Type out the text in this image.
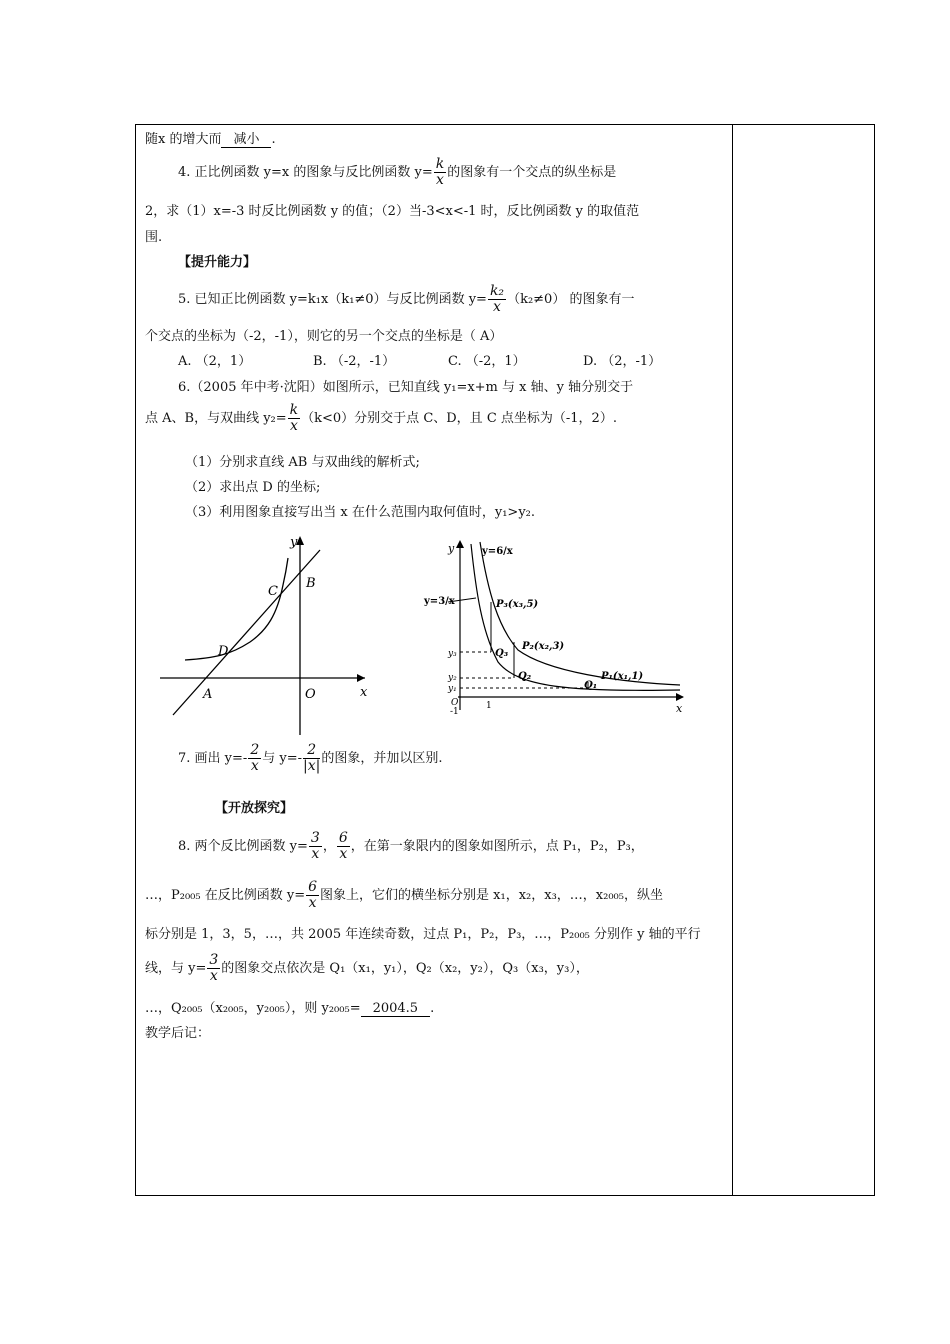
随x 的增大而 减小 .
4. 正比例函数 y=x 的图象与反比例函数 $y= \frac{k}{x}$ 的图象有一个交点的纵坐标是
2，求（1）x=-3 时反比例函数 y 的值；（2）当-3<x<-1 时，反比例函数 y 的取值范
围.
【提升能力】
5. 已知正比例函数 y=k₁x（k₁≠0）与反比例函数 $y= \frac{\text{k₂}}{x} (k_2\ne 0)$ 的图象有一
个交点的坐标为（-2，-1），则它的另一个交点的坐标是（ A）
A. （2，1）	B. （-2，-1）	C. （-2，1）	D. （2，-1）
6.（2005 年中考·沈阳）如图所示，已知直线 y₁=x+m 与 x 轴、y 轴分别交于
点 A、B，与双曲线 $y_2= \frac{k}{x} (k<0)$分别交于点 C、D，且 C 点坐标为（-1，2）.
（1）分别求直线 AB 与双曲线的解析式;
（2）求出点 D 的坐标;
（3）利用图象直接写出当 x 在什么范围内取何值时，y₁>y₂.
y
x
B
C
D
A	O
y
x
y=6/x
y=3/x	P₃(x₃,5)
P₂(x₂,3)
P₁(x₁,1)
Q₃
Q₂
Q₁
y₃
y₂
y₁
O
-1
1
7. 画出 $y=- \frac{2}{x}$ 与 $y=- \frac{2}{|x|}$ 的图象，并加以区别.
【开放探究】
8. 两个反比例函数 $y= \frac{3}{x}$ ， $\frac{6}{x}$ ，在第一象限内的图象如图所示，点 P₁，P₂，P₃，
…，P₂₀₀₅ 在反比例函数 $y= \frac{6}{x}$ 图象上，它们的横坐标分别是 x₁，x₂，x₃，…，x₂₀₀₅，纵坐
标分别是 1，3，5，…，共 2005 年连续奇数，过点 P₁，P₂，P₃，…，P₂₀₀₅ 分别作 y 轴的平行
线，与 $y= \frac{3}{x}$ 的图象交点依次是 Q₁（x₁，y₁），Q₂（x₂，y₂），Q₃（x₃，y₃），
…，Q₂₀₀₅（x₂₀₀₅，y₂₀₀₅），则 y₂₀₀₅= 2004.5 .
教学后记：
